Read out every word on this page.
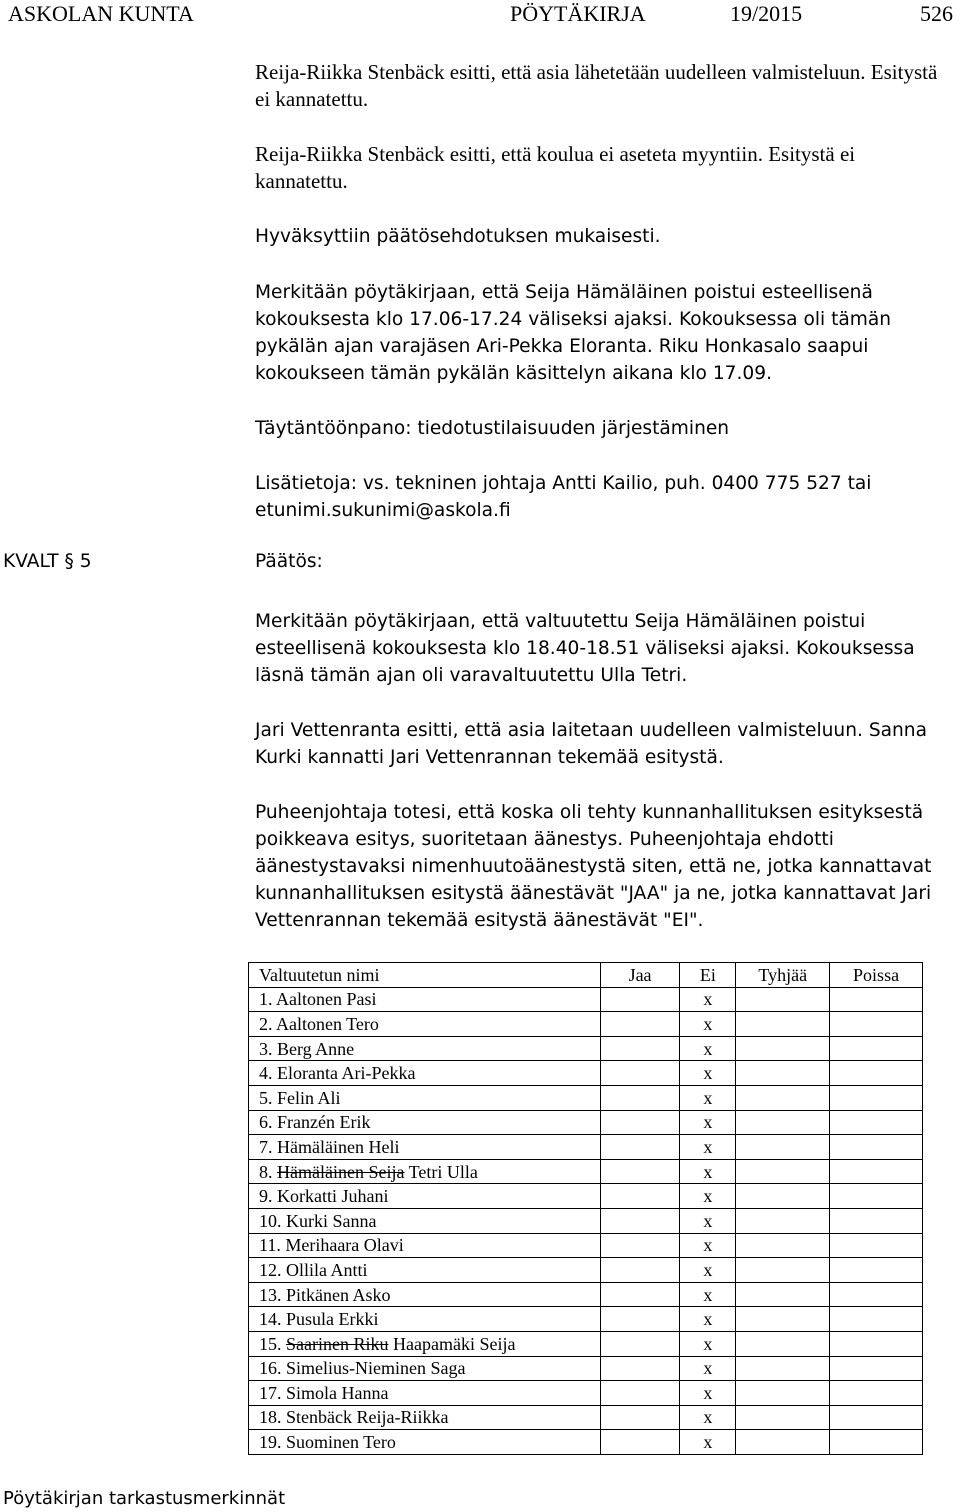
ASKOLAN KUNTA	PÖYTÄKIRJA	19/2015	526
Reija-Riikka Stenbäck esitti, että asia lähetetään uudelleen valmisteluun. Esitystä ei kannatettu.
Reija-Riikka Stenbäck esitti, että koulua ei aseteta myyntiin. Esitystä ei kannatettu.
Hyväksyttiin päätösehdotuksen mukaisesti.
Merkitään pöytäkirjaan, että Seija Hämäläinen poistui esteellisenä kokouksesta klo 17.06-17.24 väliseksi ajaksi. Kokouksessa oli tämän pykälän ajan varajäsen Ari-Pekka Eloranta. Riku Honkasalo saapui kokoukseen tämän pykälän käsittelyn aikana klo 17.09.
Täytäntöönpano: tiedotustilaisuuden järjestäminen
Lisätietoja: vs. tekninen johtaja Antti Kailio, puh. 0400 775 527 tai etunimi.sukunimi@askola.fi
KVALT § 5	Päätös:
Merkitään pöytäkirjaan, että valtuutettu Seija Hämäläinen poistui esteellisenä kokouksesta klo 18.40-18.51 väliseksi ajaksi. Kokouksessa läsnä tämän ajan oli varavaltuutettu Ulla Tetri.
Jari Vettenranta esitti, että asia laitetaan uudelleen valmisteluun. Sanna Kurki kannatti Jari Vettenrannan tekemää esitystä.
Puheenjohtaja totesi, että koska oli tehty kunnanhallituksen esityksestä poikkeava esitys, suoritetaan äänestys. Puheenjohtaja ehdotti äänestystavaksi nimenhuutoäänestystä siten, että ne, jotka kannattavat kunnanhallituksen esitystä äänestävät "JAA" ja ne, jotka kannattavat Jari Vettenrannan tekemää esitystä äänestävät "EI".
Valtuutetun nimi	Jaa	Ei	Tyhjää	Poissa
1. Aaltonen Pasi		x		
2. Aaltonen Tero		x		
3. Berg Anne		x		
4. Eloranta Ari-Pekka		x		
5. Felin Ali		x		
6. Franzén Erik		x		
7. Hämäläinen Heli		x		
8. Hämäläinen Seija Tetri Ulla		x		
9. Korkatti Juhani		x		
10. Kurki Sanna		x		
11. Merihaara Olavi		x		
12. Ollila Antti		x		
13. Pitkänen Asko		x		
14. Pusula Erkki		x		
15. Saarinen Riku Haapamäki Seija		x		
16. Simelius-Nieminen Saga		x		
17. Simola Hanna		x		
18. Stenbäck Reija-Riikka		x		
19. Suominen Tero		x		
Pöytäkirjan tarkastusmerkinnät
